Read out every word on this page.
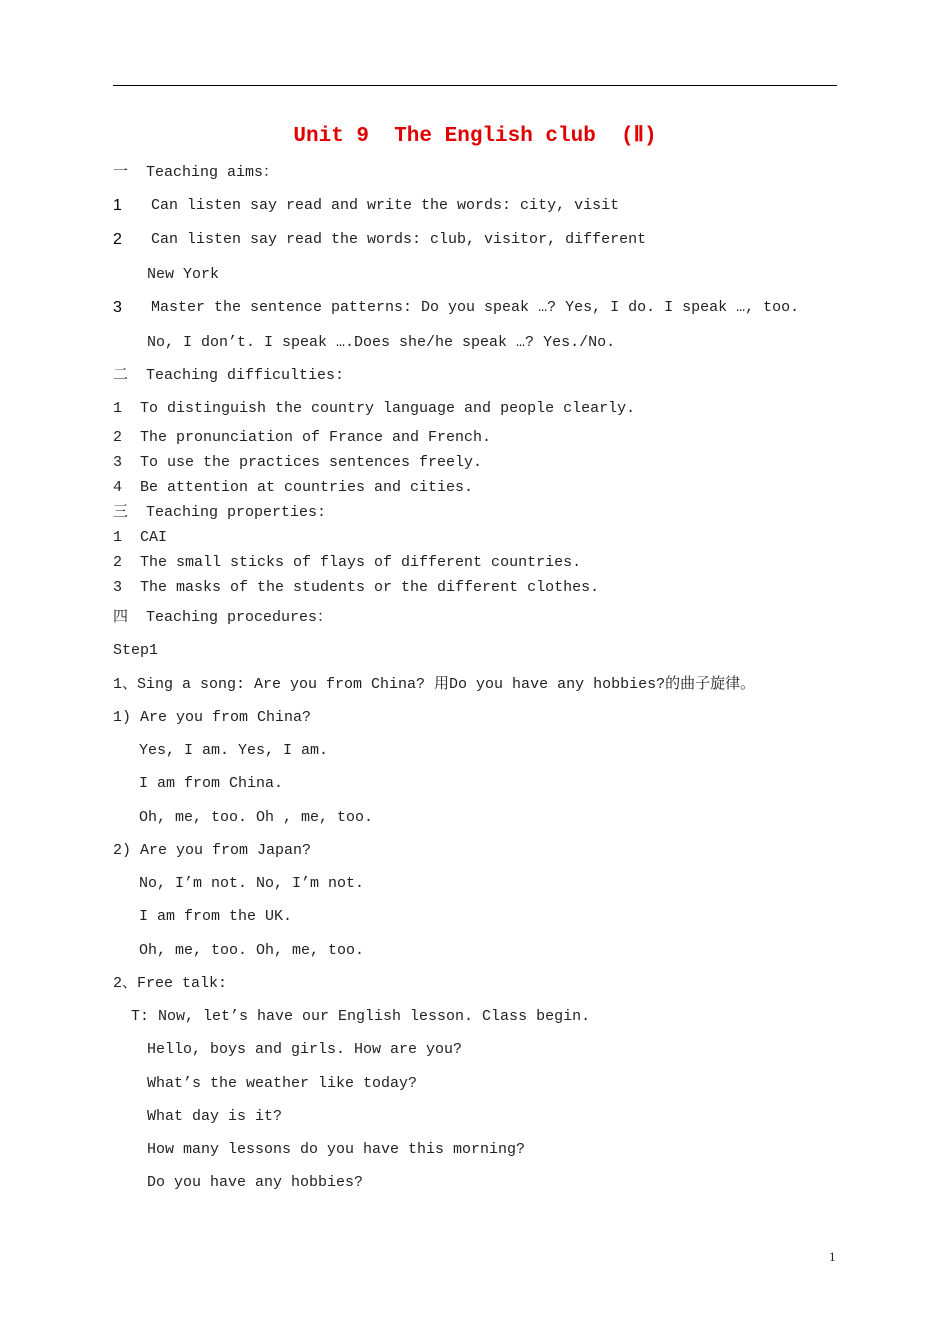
Unit 9  The English club  (Ⅱ)
一  Teaching aims：
1 Can listen say read and write the words: city, visit
2 Can listen say read the words: club, visitor, different
New York
3 Master the sentence patterns: Do you speak …? Yes, I do. I speak …, too.
No, I don’t. I speak ….Does she/he speak …? Yes./No.
二  Teaching difficulties:
1  To distinguish the country language and people clearly.
2  The pronunciation of France and French.
3  To use the practices sentences freely.
4  Be attention at countries and cities.
三  Teaching properties:
1  CAI
2  The small sticks of flays of different countries.
3  The masks of the students or the different clothes.
四  Teaching procedures：
Step1
1、Sing a song: Are you from China? 用Do you have any hobbies?的曲子旋律。
1) Are you from China?
Yes, I am. Yes, I am.
I am from China.
Oh, me, too. Oh , me, too.
2) Are you from Japan?
No, I’m not. No, I’m not.
I am from the UK.
Oh, me, too. Oh, me, too.
2、Free talk:
T: Now, let’s have our English lesson. Class begin.
Hello, boys and girls. How are you?
What’s the weather like today?
What day is it?
How many lessons do you have this morning?
Do you have any hobbies?
1
